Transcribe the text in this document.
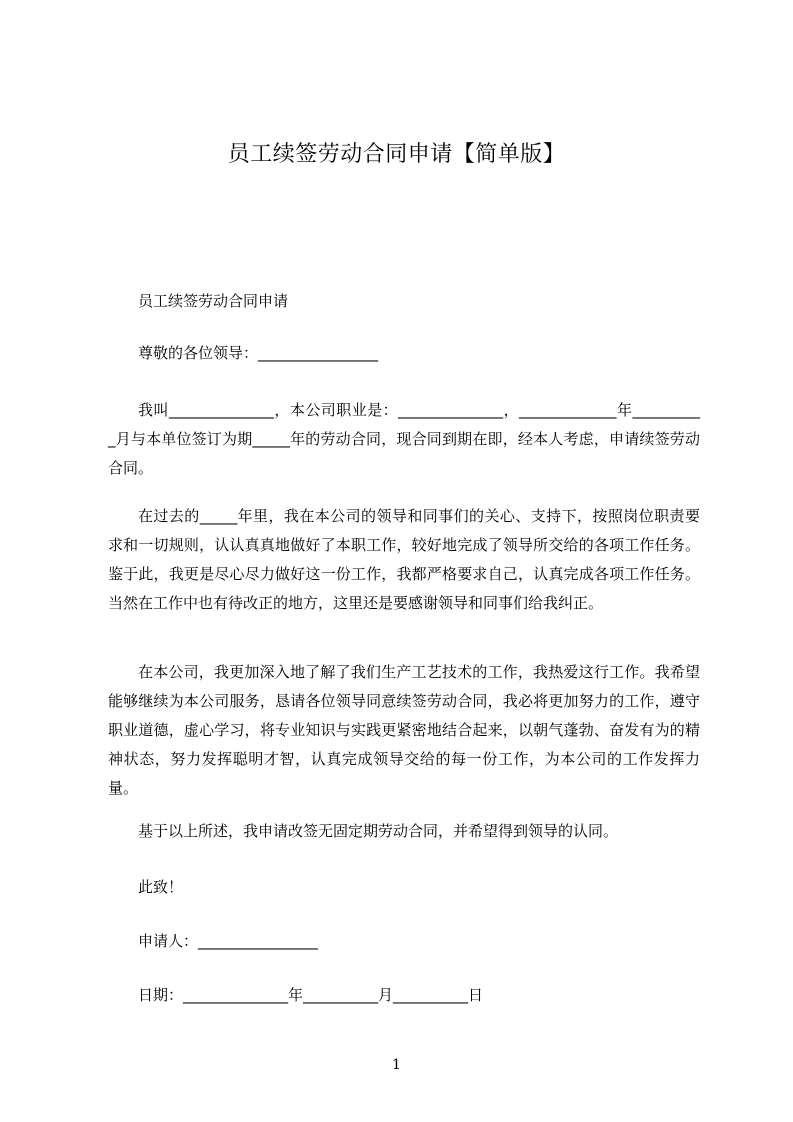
员工续签劳动合同申请【简单版】

员工续签劳动合同申请

尊敬的各位领导：________________

我叫______________，本公司职业是：______________，_____________年__________月与本单位签订为期_____年的劳动合同，现合同到期在即，经本人考虑，申请续签劳动合同。

在过去的_____年里，我在本公司的领导和同事们的关心、支持下，按照岗位职责要求和一切规则，认认真真地做好了本职工作，较好地完成了领导所交给的各项工作任务。鉴于此，我更是尽心尽力做好这一份工作，我都严格要求自己，认真完成各项工作任务。当然在工作中也有待改正的地方，这里还是要感谢领导和同事们给我纠正。

在本公司，我更加深入地了解了我们生产工艺技术的工作，我热爱这行工作。我希望能够继续为本公司服务，恳请各位领导同意续签劳动合同，我必将更加努力的工作，遵守职业道德，虚心学习，将专业知识与实践更紧密地结合起来，以朝气蓬勃、奋发有为的精神状态，努力发挥聪明才智，认真完成领导交给的每一份工作，为本公司的工作发挥力量。

基于以上所述，我申请改签无固定期劳动合同，并希望得到领导的认同。

此致！

申请人：________________

日期：______________年__________月__________日

1
